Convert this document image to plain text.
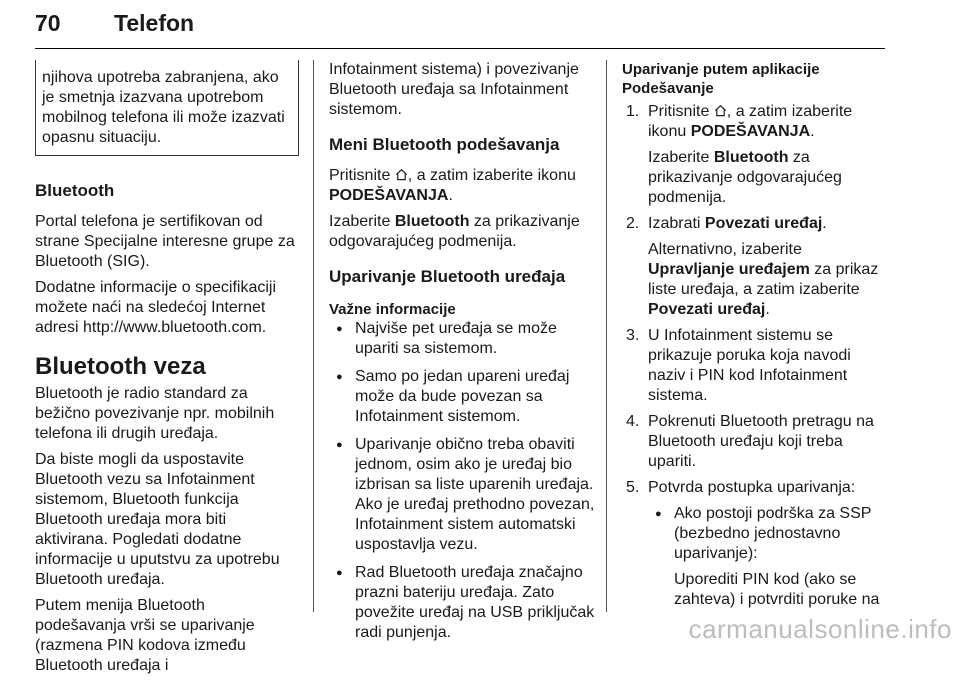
70 Telefon
njihova upotreba zabranjena, ako je smetnja izazvana upotrebom mobilnog telefona ili može izazvati opasnu situaciju.
Bluetooth

Portal telefona je sertifikovan od strane Specijalne interesne grupe za Bluetooth (SIG).

Dodatne informacije o specifikaciji možete naći na sledećoj Internet adresi http://www.bluetooth.com.

Bluetooth veza

Bluetooth je radio standard za bežično povezivanje npr. mobilnih telefona ili drugih uređaja.

Da biste mogli da uspostavite Bluetooth vezu sa Infotainment sistemom, Bluetooth funkcija Bluetooth uređaja mora biti aktivirana. Pogledati dodatne informacije u uputstvu za upotrebu Bluetooth uređaja.

Putem menija Bluetooth podešavanja vrši se uparivanje (razmena PIN kodova između Bluetooth uređaja i

Infotainment sistema) i povezivanje Bluetooth uređaja sa Infotainment sistemom.

Meni Bluetooth podešavanja

Pritisnite , a zatim izaberite ikonu PODEŠAVANJA.

Izaberite Bluetooth za prikazivanje odgovarajućeg podmenija.

Uparivanje Bluetooth uređaja
Važne informacije
● Najviše pet uređaja se može upariti sa sistemom.
● Samo po jedan upareni uređaj može da bude povezan sa Infotainment sistemom.
● Uparivanje obično treba obaviti jednom, osim ako je uređaj bio izbrisan sa liste uparenih uređaja. Ako je uređaj prethodno povezan, Infotainment sistem automatski uspostavlja vezu.
● Rad Bluetooth uređaja značajno prazni bateriju uređaja. Zato povežite uređaj na USB priključak radi punjenja.
Uparivanje putem aplikacije Podešavanje
1. Pritisnite , a zatim izaberite ikonu PODEŠAVANJA.
Izaberite Bluetooth za prikazivanje odgovarajućeg podmenija.
2. Izabrati Povezati uređaj.
Alternativno, izaberite Upravljanje uređajem za prikaz liste uređaja, a zatim izaberite Povezati uređaj.
3. U Infotainment sistemu se prikazuje poruka koja navodi naziv i PIN kod Infotainment sistema.
4. Pokrenuti Bluetooth pretragu na Bluetooth uređaju koji treba upariti.
5. Potvrda postupka uparivanja:
● Ako postoji podrška za SSP (bezbedno jednostavno uparivanje):
Uporediti PIN kod (ako se zahteva) i potvrditi poruke na
carmanualsonline.info
